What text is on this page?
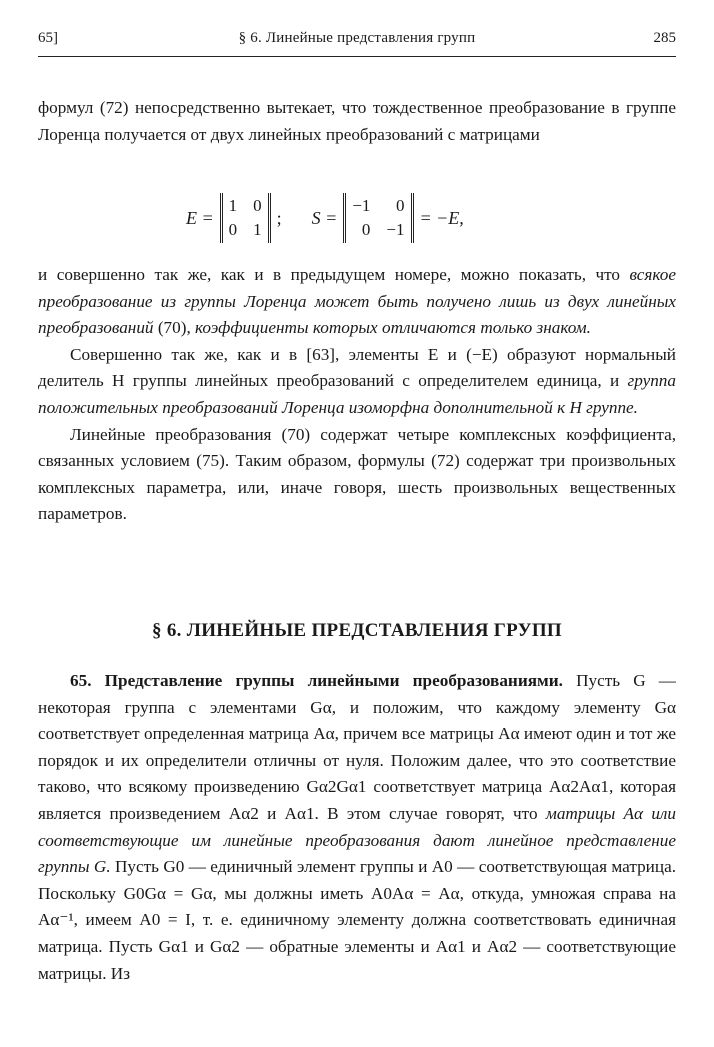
65]	§ 6. Линейные представления групп	285

формул (72) непосредственно вытекает, что тождественное преобразование в группе Лоренца получается от двух линейных преобразований с матрицами

E =
1 0
0 1
; S =
−1	0
0 −1
= −E,

и совершенно так же, как и в предыдущем номере, можно показать, что всякое преобразование из группы Лоренца может быть получено лишь из двух линейных преобразований (70), коэффициенты которых отличаются только знаком.

Совершенно так же, как и в [63], элементы E и (−E) образуют нормальный делитель H группы линейных преобразований с определителем единица, и группа положительных преобразований Лоренца изоморфна дополнительной к H группе.

Линейные преобразования (70) содержат четыре комплексных коэффициента, связанных условием (75). Таким образом, формулы (72) содержат три произвольных комплексных параметра, или, иначе говоря, шесть произвольных вещественных параметров.

§ 6. ЛИНЕЙНЫЕ ПРЕДСТАВЛЕНИЯ ГРУПП

65. Представление группы линейными преобразованиями. Пусть G — некоторая группа с элементами Gα, и положим, что каждому элементу Gα соответствует определенная матрица Aα, причем все матрицы Aα имеют один и тот же порядок и их определители отличны от нуля. Положим далее, что это соответствие таково, что всякому произведению Gα2Gα1 соответствует матрица Aα2Aα1, которая является произведением Aα2 и Aα1. В этом случае говорят, что матрицы Aα или соответствующие им линейные преобразования дают линейное представление группы G. Пусть G0 — единичный элемент группы и A0 — соответствующая матрица. Поскольку G0Gα = Gα, мы должны иметь A0Aα = Aα, откуда, умножая справа на Aα⁻¹, имеем A0 = I, т. е. единичному элементу должна соответствовать единичная матрица. Пусть Gα1 и Gα2 — обратные элементы и Aα1 и Aα2 — соответствующие матрицы. Из
